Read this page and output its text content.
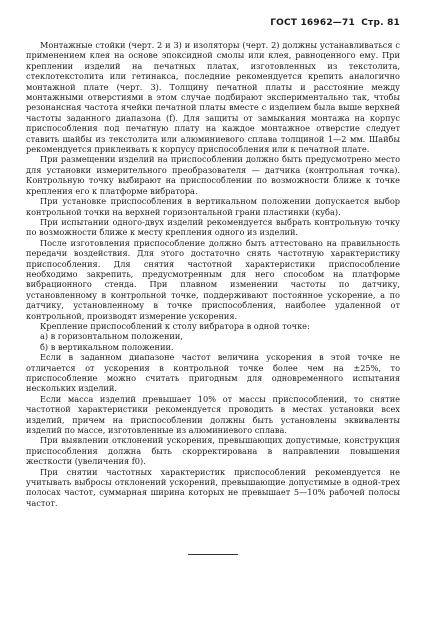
ГОСТ 16962—71 Стр. 81

Монтажные стойки (черт. 2 и 3) и изоляторы (черт. 2) должны устанавливаться с применением клея на основе эпоксидной смолы или клея, равноценного ему. При креплении изделий на печатных платах, изготовленных из текстолита, стеклотекстолита или гетинакса, последние рекомендуется крепить аналогично монтажной плате (черт. 3). Толщину печатной платы и расстояние между монтажными отверстиями в этом случае подбирают экспериментально так, чтобы резонансная частота ячейки печатной платы вместе с изделием была выше верхней частоты заданного диапазона (f). Для защиты от замыкания монтажа на корпус приспособления под печатную плату на каждое монтажное отверстие следует ставить шайбы из текстолита или алюминиевого сплава толщиной 1—2 мм. Шайбы рекомендуется приклеивать к корпусу приспособления или к печатной плате.

При размещении изделий на приспособлении должно быть предусмотрено место для установки измерительного преобразователя — датчика (контрольная точка). Контрольную точку выбирают на приспособлении по возможности ближе к точке крепления его к платформе вибратора.

При установке приспособления в вертикальном положении допускается выбор контрольной точки на верхней горизонтальной грани пластинки (куба).

При испытании одного-двух изделий рекомендуется выбрать контрольную точку по возможности ближе к месту крепления одного из изделий.

После изготовления приспособление должно быть аттестовано на правильность передачи воздействия. Для этого достаточно снять частотную характеристику приспособления. Для снятия частотной характеристики приспособление необходимо закрепить, предусмотренным для него способом на платформе вибрационного стенда. При плавном изменении частоты по датчику, установленному в контрольной точке, поддерживают постоянное ускорение, а по датчику, установленному в точке приспособления, наиболее удаленной от контрольной, производят измерение ускорения.

Крепление приспособлений к столу вибратора в одной точке:

а) в горизонтальном положении,

б) в вертикальном положении.

Если в заданном диапазоне частот величина ускорения в этой точке не отличается от ускорения в контрольной точке более чем на ±25%, то приспособление можно считать пригодным для одновременного испытания нескольких изделий.

Если масса изделий превышает 10% от массы приспособлений, то снятие частотной характеристики рекомендуется проводить в местах установки всех изделий, причем на приспособлении должны быть установлены эквиваленты изделий по массе, изготовленные из алюминиевого сплава.

При выявлении отклонений ускорения, превышающих допустимые, конструкция приспособления должна быть скорректирована в направлении повышения жесткости (увеличения f0).

При снятии частотных характеристик приспособлений рекомендуется не учитывать выбросы отклонений ускорений, превышающие допустимые в одной-трех полосах частот, суммарная ширина которых не превышает 5—10% рабочей полосы частот.
